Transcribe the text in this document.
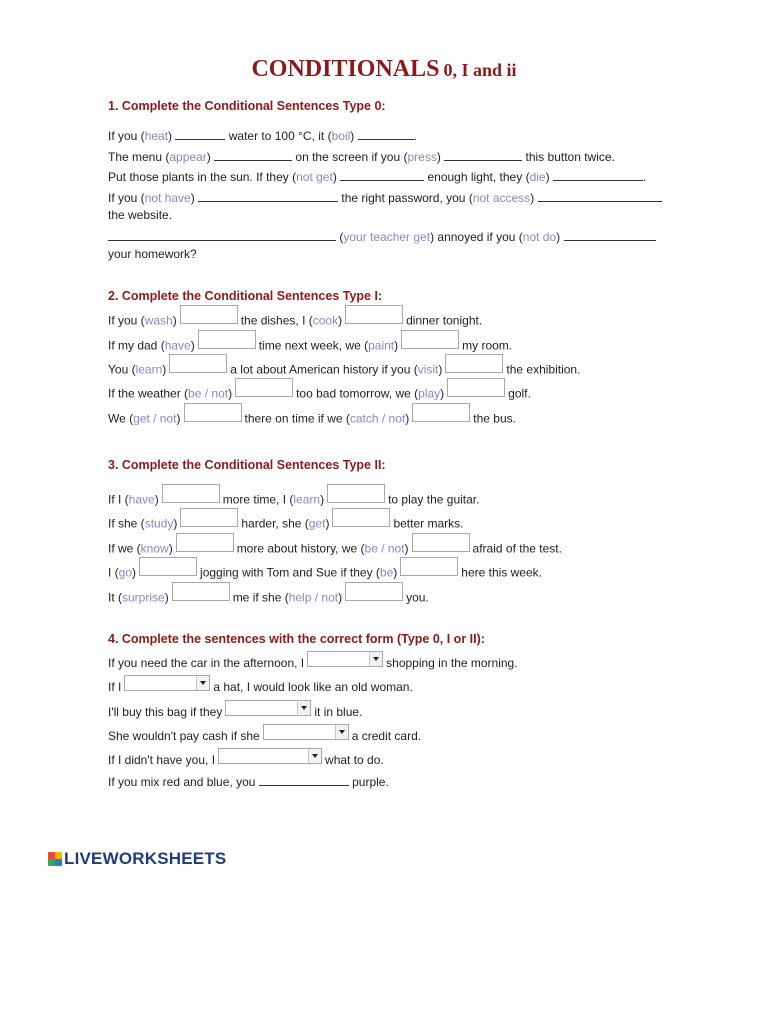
CONDITIONALS 0, I and ii
1. Complete the Conditional Sentences Type 0:
If you (heat)	water to 100 °C, it (boil)	.
The menu (appear)	on the screen if you (press)	this button twice.
Put those plants in the sun. If they (not get)	enough light, they (die)	.
If you (not have)	the right password, you (not access)
the website.
(your teacher get) annoyed if you (not do)
your homework?
2. Complete the Conditional Sentences Type I:
If you (wash)	the dishes, I (cook)	dinner tonight.
If my dad (have)	time next week, we (paint)	my room.
You (learn)	a lot about American history if you (visit)	the exhibition.
If the weather (be / not)	too bad tomorrow, we (play)	golf.
We (get / not)	there on time if we (catch / not)	the bus.
3. Complete the Conditional Sentences Type II:
If I (have)	more time, I (learn)	to play the guitar.
If she (study)	harder, she (get)	better marks.
If we (know)	more about history, we (be / not)	afraid of the test.
I (go)	jogging with Tom and Sue if they (be)	here this week.
It (surprise)	me if she (help / not)	you.
4. Complete the sentences with the correct form (Type 0, I or II):
If you need the car in the afternoon, I	shopping in the morning.
If I	a hat, I would look like an old woman.
I'll buy this bag if they	it in blue.
She wouldn't pay cash if she	a credit card.
If I didn't have you, I	what to do.
If you mix red and blue, you	purple.
LIVEWORKSHEETS
